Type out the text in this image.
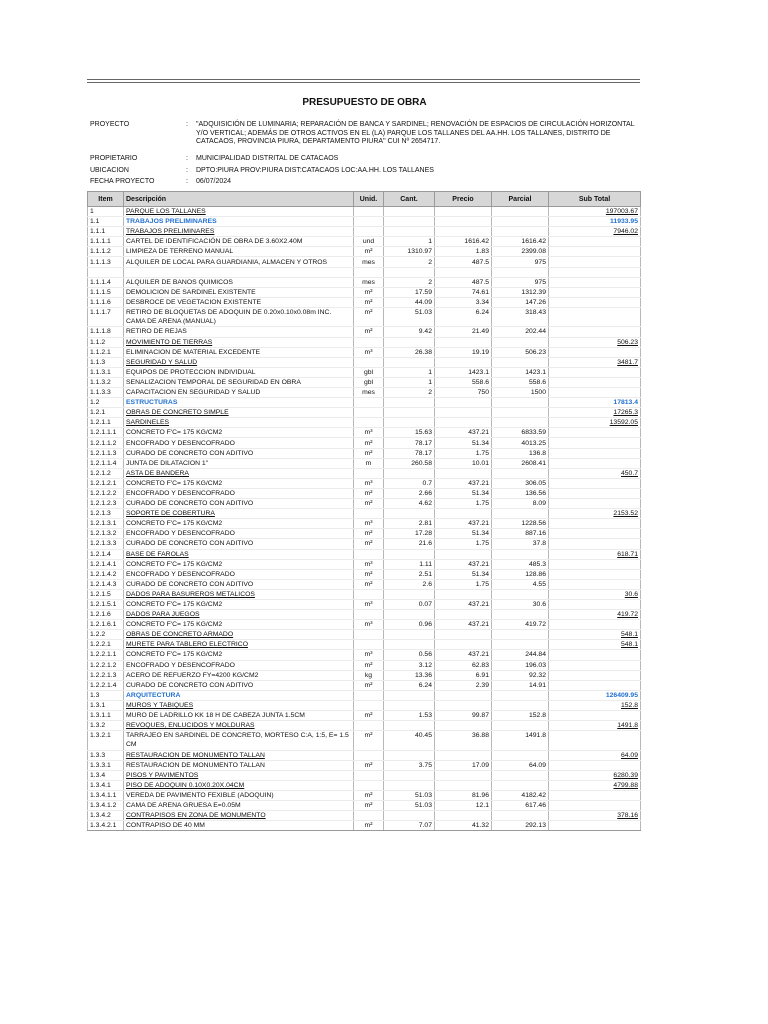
PRESUPUESTO DE OBRA
PROYECTO	: "ADQUISICIÓN DE LUMINARIA; REPARACIÓN DE BANCA Y SARDINEL; RENOVACIÓN DE ESPACIOS DE CIRCULACIÓN HORIZONTAL Y/O VERTICAL; ADEMÁS DE OTROS ACTIVOS EN EL (LA) PARQUE LOS TALLANES DEL AA.HH. LOS TALLANES, DISTRITO DE CATACAOS, PROVINCIA PIURA, DEPARTAMENTO PIURA" CUI Nº 2654717.
PROPIETARIO	: MUNICIPALIDAD DISTRITAL DE CATACAOS
UBICACION	: DPTO:PIURA PROV:PIURA DIST:CATACAOS LOC:AA.HH. LOS TALLANES
FECHA PROYECTO	: 06/07/2024
Item	Descripción	Unid.	Cant.	Precio	Parcial	Sub Total
1	PARQUE LOS TALLANES					197003.67
1.1	TRABAJOS PRELIMINARES					11933.95
1.1.1	TRABAJOS PRELIMINARES					7946.02
1.1.1.1	CARTEL DE IDENTIFICACIÓN DE OBRA DE 3.60X2.40M	und	1	1616.42	1616.42	
1.1.1.2	LIMPIEZA DE TERRENO MANUAL	m²	1310.97	1.83	2399.08	
1.1.1.3	ALQUILER DE LOCAL PARA GUARDIANIA, ALMACEN Y OTROS	mes	2	487.5	975	

1.1.1.4	ALQUILER DE BANOS QUIMICOS	mes	2	487.5	975	
1.1.1.5	DEMOLICION DE SARDINEL EXISTENTE	m²	17.59	74.61	1312.39	
1.1.1.6	DESBROCE DE VEGETACION EXISTENTE	m²	44.09	3.34	147.26	
1.1.1.7	RETIRO DE BLOQUETAS DE ADOQUIN DE 0.20x0.10x0.08m INC. CAMA DE ARENA (MANUAL)	m²	51.03	6.24	318.43	
1.1.1.8	RETIRO DE REJAS	m²	9.42	21.49	202.44	
1.1.2	MOVIMIENTO DE TIERRAS					506.23
1.1.2.1	ELIMINACION DE MATERIAL EXCEDENTE	m³	26.38	19.19	506.23	
1.1.3	SEGURIDAD Y SALUD					3481.7
1.1.3.1	EQUIPOS DE PROTECCION INDIVIDUAL	gbl	1	1423.1	1423.1	
1.1.3.2	SENALIZACION TEMPORAL DE SEGURIDAD EN OBRA	gbl	1	558.6	558.6	
1.1.3.3	CAPACITACION EN SEGURIDAD Y SALUD	mes	2	750	1500	
1.2	ESTRUCTURAS					17813.4
1.2.1	OBRAS DE CONCRETO SIMPLE					17265.3
1.2.1.1	SARDINELES					13592.05
1.2.1.1.1	CONCRETO F'C= 175 KG/CM2	m³	15.63	437.21	6833.59	
1.2.1.1.2	ENCOFRADO Y DESENCOFRADO	m²	78.17	51.34	4013.25	
1.2.1.1.3	CURADO DE CONCRETO CON ADITIVO	m²	78.17	1.75	136.8	
1.2.1.1.4	JUNTA DE DILATACION 1"	m	260.58	10.01	2608.41	
1.2.1.2	ASTA DE BANDERA					450.7
1.2.1.2.1	CONCRETO F'C= 175 KG/CM2	m³	0.7	437.21	306.05	
1.2.1.2.2	ENCOFRADO Y DESENCOFRADO	m²	2.66	51.34	136.56	
1.2.1.2.3	CURADO DE CONCRETO CON ADITIVO	m²	4.62	1.75	8.09	
1.2.1.3	SOPORTE DE COBERTURA					2153.52
1.2.1.3.1	CONCRETO F'C= 175 KG/CM2	m³	2.81	437.21	1228.56	
1.2.1.3.2	ENCOFRADO Y DESENCOFRADO	m²	17.28	51.34	887.16	
1.2.1.3.3	CURADO DE CONCRETO CON ADITIVO	m²	21.6	1.75	37.8	
1.2.1.4	BASE DE FAROLAS					618.71
1.2.1.4.1	CONCRETO F'C= 175 KG/CM2	m³	1.11	437.21	485.3	
1.2.1.4.2	ENCOFRADO Y DESENCOFRADO	m²	2.51	51.34	128.86	
1.2.1.4.3	CURADO DE CONCRETO CON ADITIVO	m²	2.6	1.75	4.55	
1.2.1.5	DADOS PARA BASUREROS METALICOS					30.6
1.2.1.5.1	CONCRETO F'C= 175 KG/CM2	m³	0.07	437.21	30.6	
1.2.1.6	DADOS PARA JUEGOS					419.72
1.2.1.6.1	CONCRETO F'C= 175 KG/CM2	m³	0.96	437.21	419.72	
1.2.2	OBRAS DE CONCRETO ARMADO					548.1
1.2.2.1	MURETE PARA TABLERO ELECTRICO					548.1
1.2.2.1.1	CONCRETO F'C= 175 KG/CM2	m³	0.56	437.21	244.84	
1.2.2.1.2	ENCOFRADO Y DESENCOFRADO	m²	3.12	62.83	196.03	
1.2.2.1.3	ACERO DE REFUERZO FY=4200 KG/CM2	kg	13.36	6.91	92.32	
1.2.2.1.4	CURADO DE CONCRETO CON ADITIVO	m²	6.24	2.39	14.91	
1.3	ARQUITECTURA					126409.95
1.3.1	MUROS Y TABIQUES					152.8
1.3.1.1	MURO DE LADRILLO KK 18 H DE CABEZA JUNTA 1.5CM	m²	1.53	99.87	152.8	
1.3.2	REVOQUES, ENLUCIDOS Y MOLDURAS					1491.8
1.3.2.1	TARRAJEO EN SARDINEL DE CONCRETO, MORTESO C:A, 1:5, E= 1.5 CM	m²	40.45	36.88	1491.8	
1.3.3	RESTAURACION DE MONUMENTO TALLAN					64.09
1.3.3.1	RESTAURACION DE MONUMENTO TALLAN	m²	3.75	17.09	64.09	
1.3.4	PISOS Y PAVIMENTOS					6280.39
1.3.4.1	PISO DE ADOQUIN 0.10X0.20X.04CM					4799.88
1.3.4.1.1	VEREDA DE PAVIMENTO FEXIBLE (ADOQUIN)	m²	51.03	81.96	4182.42	
1.3.4.1.2	CAMA DE ARENA GRUESA E=0.05M	m²	51.03	12.1	617.46	
1.3.4.2	CONTRAPISOS EN ZONA DE MONUMENTO					378.16
1.3.4.2.1	CONTRAPISO DE 40 MM	m²	7.07	41.32	292.13	
